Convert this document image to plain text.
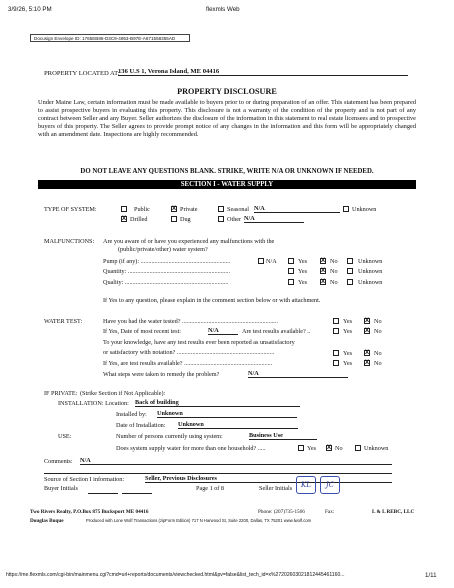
3/9/26, 5:10 PM	flexmls Web
Docusign Envelope ID: 1765EB86-D3C9-4953-B97E-A671558355AD
PROPERTY LOCATED AT:
136 U.S 1, Verona Island, ME 04416
PROPERTY DISCLOSURE
Under Maine Law, certain information must be made available to buyers prior to or during preparation of an offer. This statement has been prepared to assist prospective buyers in evaluating this property. This disclosure is not a warranty of the condition of the property and is not part of any contract between Seller and any Buyer. Seller authorizes the disclosure of the information in this statement to real estate licensees and to prospective buyers of this property. The Seller agrees to provide prompt notice of any changes in the information and this form will be appropriately changed with an amendment date. Inspections are highly recommended.
DO NOT LEAVE ANY QUESTIONS BLANK. STRIKE, WRITE N/A OR UNKNOWN IF NEEDED.
SECTION I - WATER SUPPLY
TYPE OF SYSTEM:	Public	X Private	Seasonal N/A	Unknown
X Drilled	Dug	Other N/A
MALFUNCTIONS: Are you aware of or have you experienced any malfunctions with the
(public/private/other) water system?
Pump (if any): ..........................................................	N/A	Yes X No	Unknown
Quantity: ..................................................................	Yes X No	Unknown
Quality: ...................................................................	Yes X No	Unknown
If Yes to any question, please explain in the comment section below or with attachment.
WATER TEST:	Have you had the water tested? ..............................................................	Yes X No
If Yes, Date of most recent test:	N/A	Are test results available? ..	Yes X No
To your knowledge, have any test results ever been reported as unsatisfactory
or satisfactory with notation? ...............................................................	Yes X No
If Yes, are test results available? .........................................................	Yes X No
What steps were taken to remedy the problem?	N/A
IF PRIVATE: (Strike Section if Not Applicable):
INSTALLATION: Location: Back of building
Installed by: Unknown
Date of Installation: Unknown
USE:	Number of persons currently using system:	Business Use
Does system supply water for more than one household? .....	Yes X No	Unknown
Comments: N/A
Source of Section I information:	Seller, Previous Disclosures
Buyer Initials	Page 1 of 8	Seller Initials	KL	JC
Two Rivers Realty, P.O.Box 875 Bucksport ME 04416	Phone: (207)735-1566	Fax:	L & L REBC, LLC
Douglas Buque	Produced with Lone Wolf Transactions (zipForm Edition) 717 N Harwood St, Suite 2200, Dallas, TX 75201 www.lwolf.com
https://me.flexmls.com/cgi-bin/mainmenu.cgi?cmd=url+reports/documents/viewchecked.html&pv=false&list_tech_id=x%27202603021812445461160...	1/11
